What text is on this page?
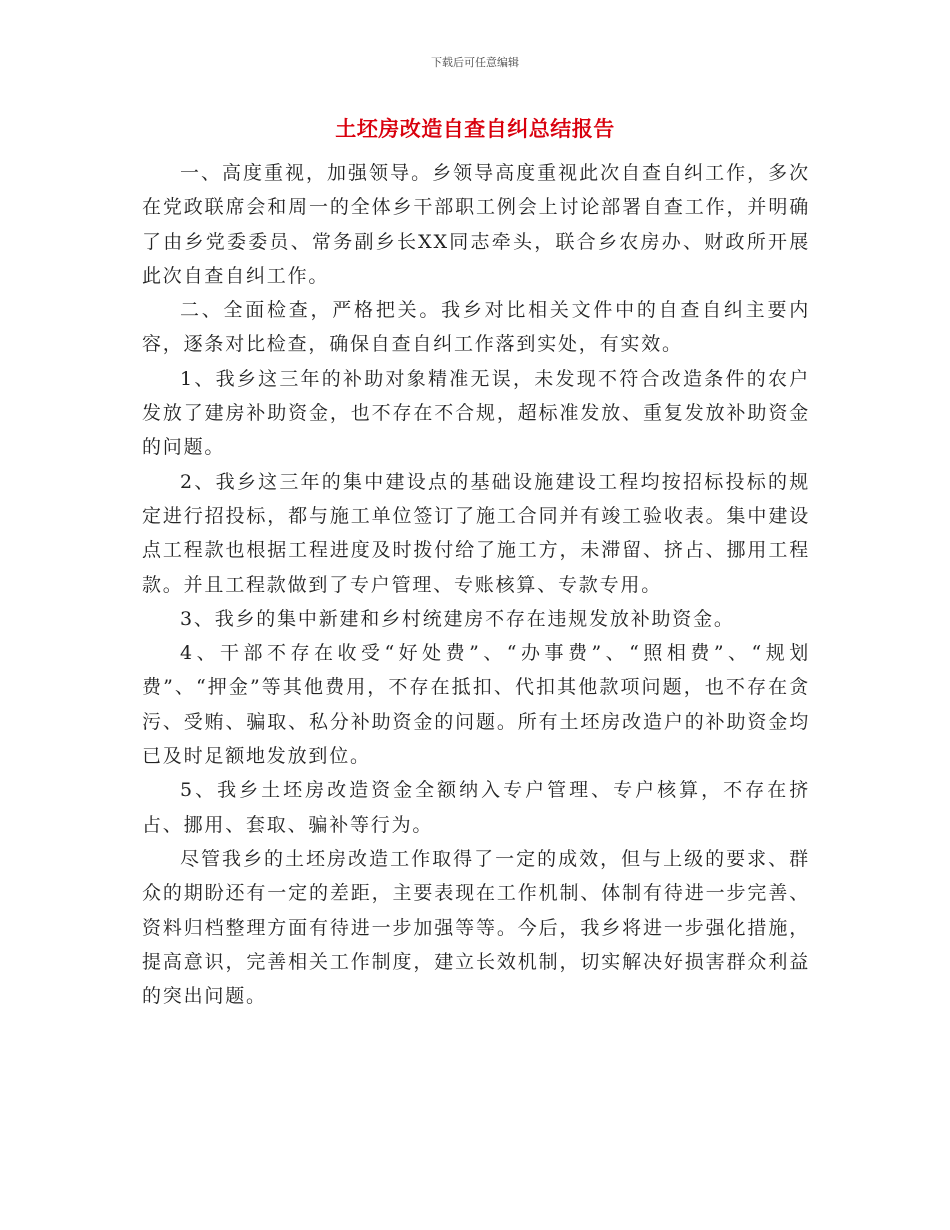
下载后可任意编辑
土坯房改造自查自纠总结报告

一、高度重视，加强领导。乡领导高度重视此次自查自纠工作，多次在党政联席会和周一的全体乡干部职工例会上讨论部署自查工作，并明确了由乡党委委员、常务副乡长XX同志牵头，联合乡农房办、财政所开展此次自查自纠工作。

二、全面检查，严格把关。我乡对比相关文件中的自查自纠主要内容，逐条对比检查，确保自查自纠工作落到实处，有实效。

1、我乡这三年的补助对象精准无误，未发现不符合改造条件的农户发放了建房补助资金，也不存在不合规，超标准发放、重复发放补助资金的问题。

2、我乡这三年的集中建设点的基础设施建设工程均按招标投标的规定进行招投标，都与施工单位签订了施工合同并有竣工验收表。集中建设点工程款也根据工程进度及时拨付给了施工方，未滞留、挤占、挪用工程款。并且工程款做到了专户管理、专账核算、专款专用。

3、我乡的集中新建和乡村统建房不存在违规发放补助资金。

4、干部不存在收受“好处费”、“办事费”、“照相费”、“规划费”、“押金”等其他费用，不存在抵扣、代扣其他款项问题，也不存在贪污、受贿、骗取、私分补助资金的问题。所有土坯房改造户的补助资金均已及时足额地发放到位。

5、我乡土坯房改造资金全额纳入专户管理、专户核算，不存在挤占、挪用、套取、骗补等行为。

尽管我乡的土坯房改造工作取得了一定的成效，但与上级的要求、群众的期盼还有一定的差距，主要表现在工作机制、体制有待进一步完善、资料归档整理方面有待进一步加强等等。今后，我乡将进一步强化措施，提高意识，完善相关工作制度，建立长效机制，切实解决好损害群众利益的突出问题。
